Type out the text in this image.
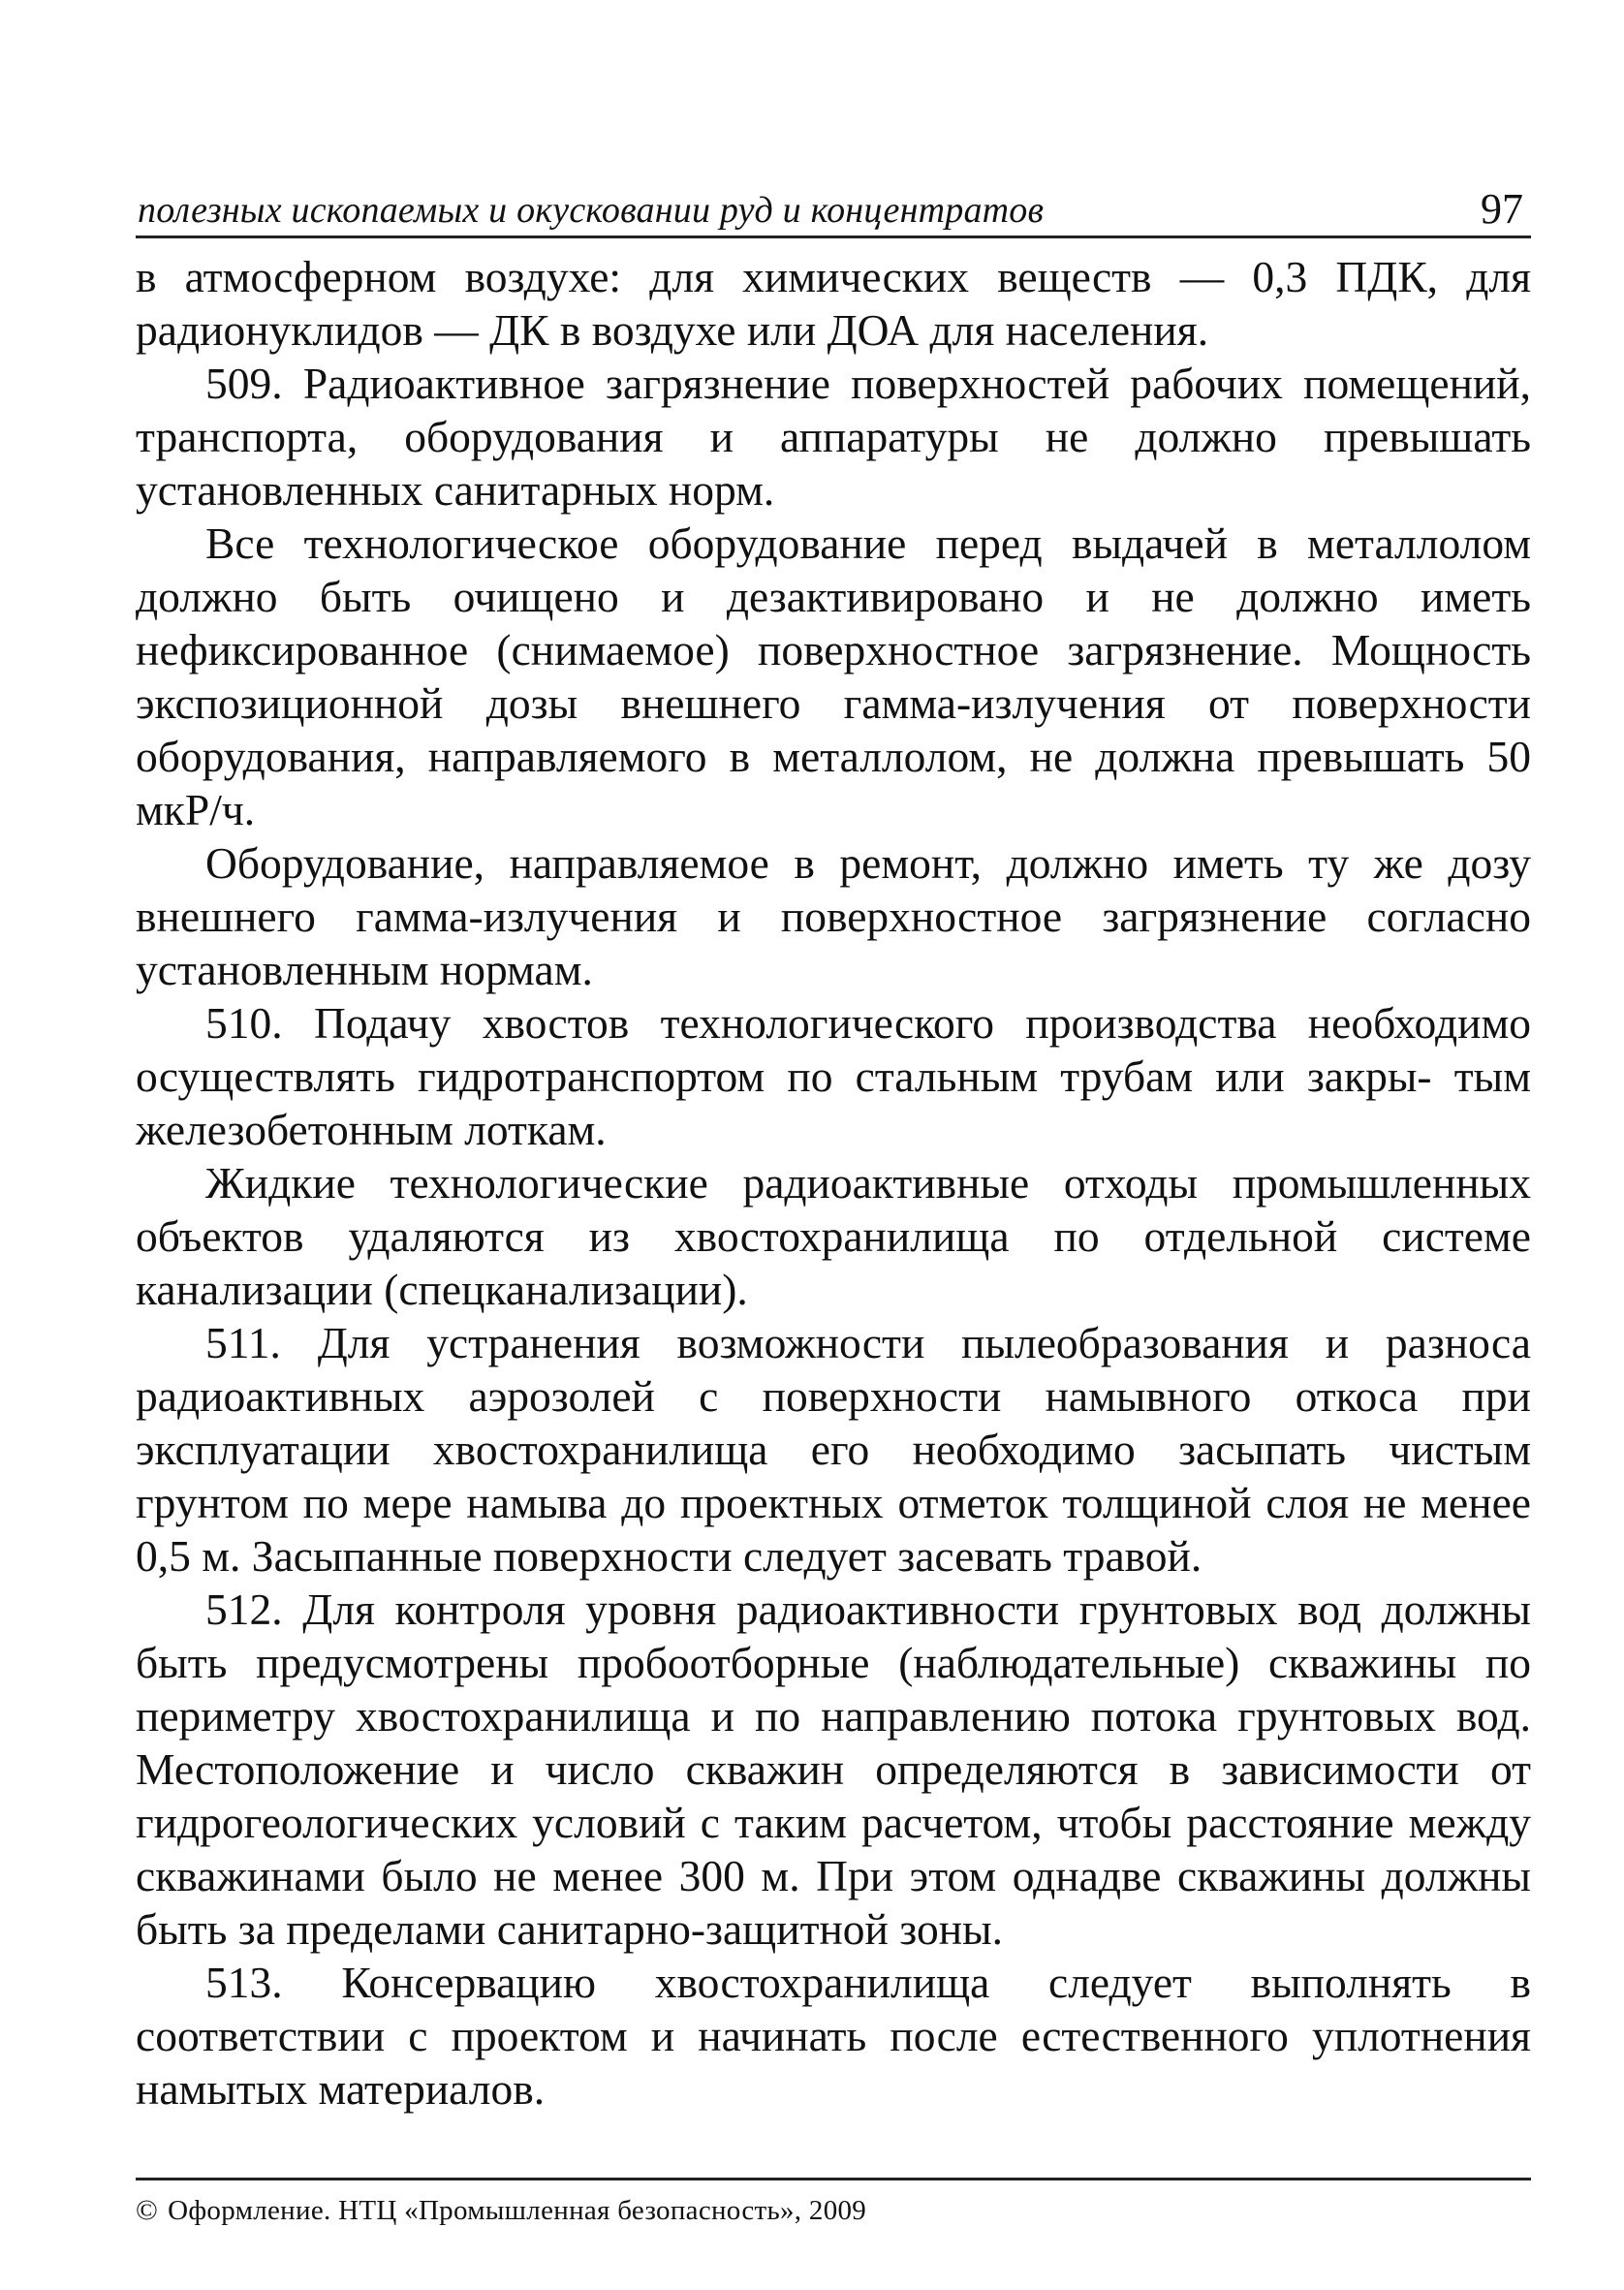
полезных ископаемых и окусковании руд и концентратов	97

в атмосферном воздухе: для химических веществ — 0,3 ПДК, для радионуклидов — ДК в воздухе или ДОА для населения.

509. Радиоактивное загрязнение поверхностей рабочих помещений, транспорта, оборудования и аппаратуры не должно превышать установленных санитарных норм.

Все технологическое оборудование перед выдачей в металлолом должно быть очищено и дезактивировано и не должно иметь нефиксированное (снимаемое) поверхностное загрязнение. Мощность экспозиционной дозы внешнего гамма-излучения от поверхности оборудования, направляемого в металлолом, не должна превышать 50 мкР/ч.

Оборудование, направляемое в ремонт, должно иметь ту же дозу внешнего гамма-излучения и поверхностное загрязнение согласно установленным нормам.

510. Подачу хвостов технологического производства необходимо осуществлять гидротранспортом по стальным трубам или закры- тым железобетонным лоткам.

Жидкие технологические радиоактивные отходы промышленных объектов удаляются из хвостохранилища по отдельной системе канализации (спецканализации).

511. Для устранения возможности пылеобразования и разноса радиоактивных аэрозолей с поверхности намывного откоса при эксплуатации хвостохранилища его необходимо засыпать чистым грунтом по мере намыва до проектных отметок толщиной слоя не менее 0,5 м. Засыпанные поверхности следует засевать травой.

512. Для контроля уровня радиоактивности грунтовых вод должны быть предусмотрены пробоотборные (наблюдательные) скважины по периметру хвостохранилища и по направлению потока грунтовых вод. Местоположение и число скважин определяются в зависимости от гидрогеологических условий с таким расчетом, чтобы расстояние между скважинами было не менее 300 м. При этом однадве скважины должны быть за пределами санитарно-защитной зоны.

513. Консервацию хвостохранилища следует выполнять в соответствии с проектом и начинать после естественного уплотнения намытых материалов.

© Оформление. НТЦ «Промышленная безопасность», 2009
